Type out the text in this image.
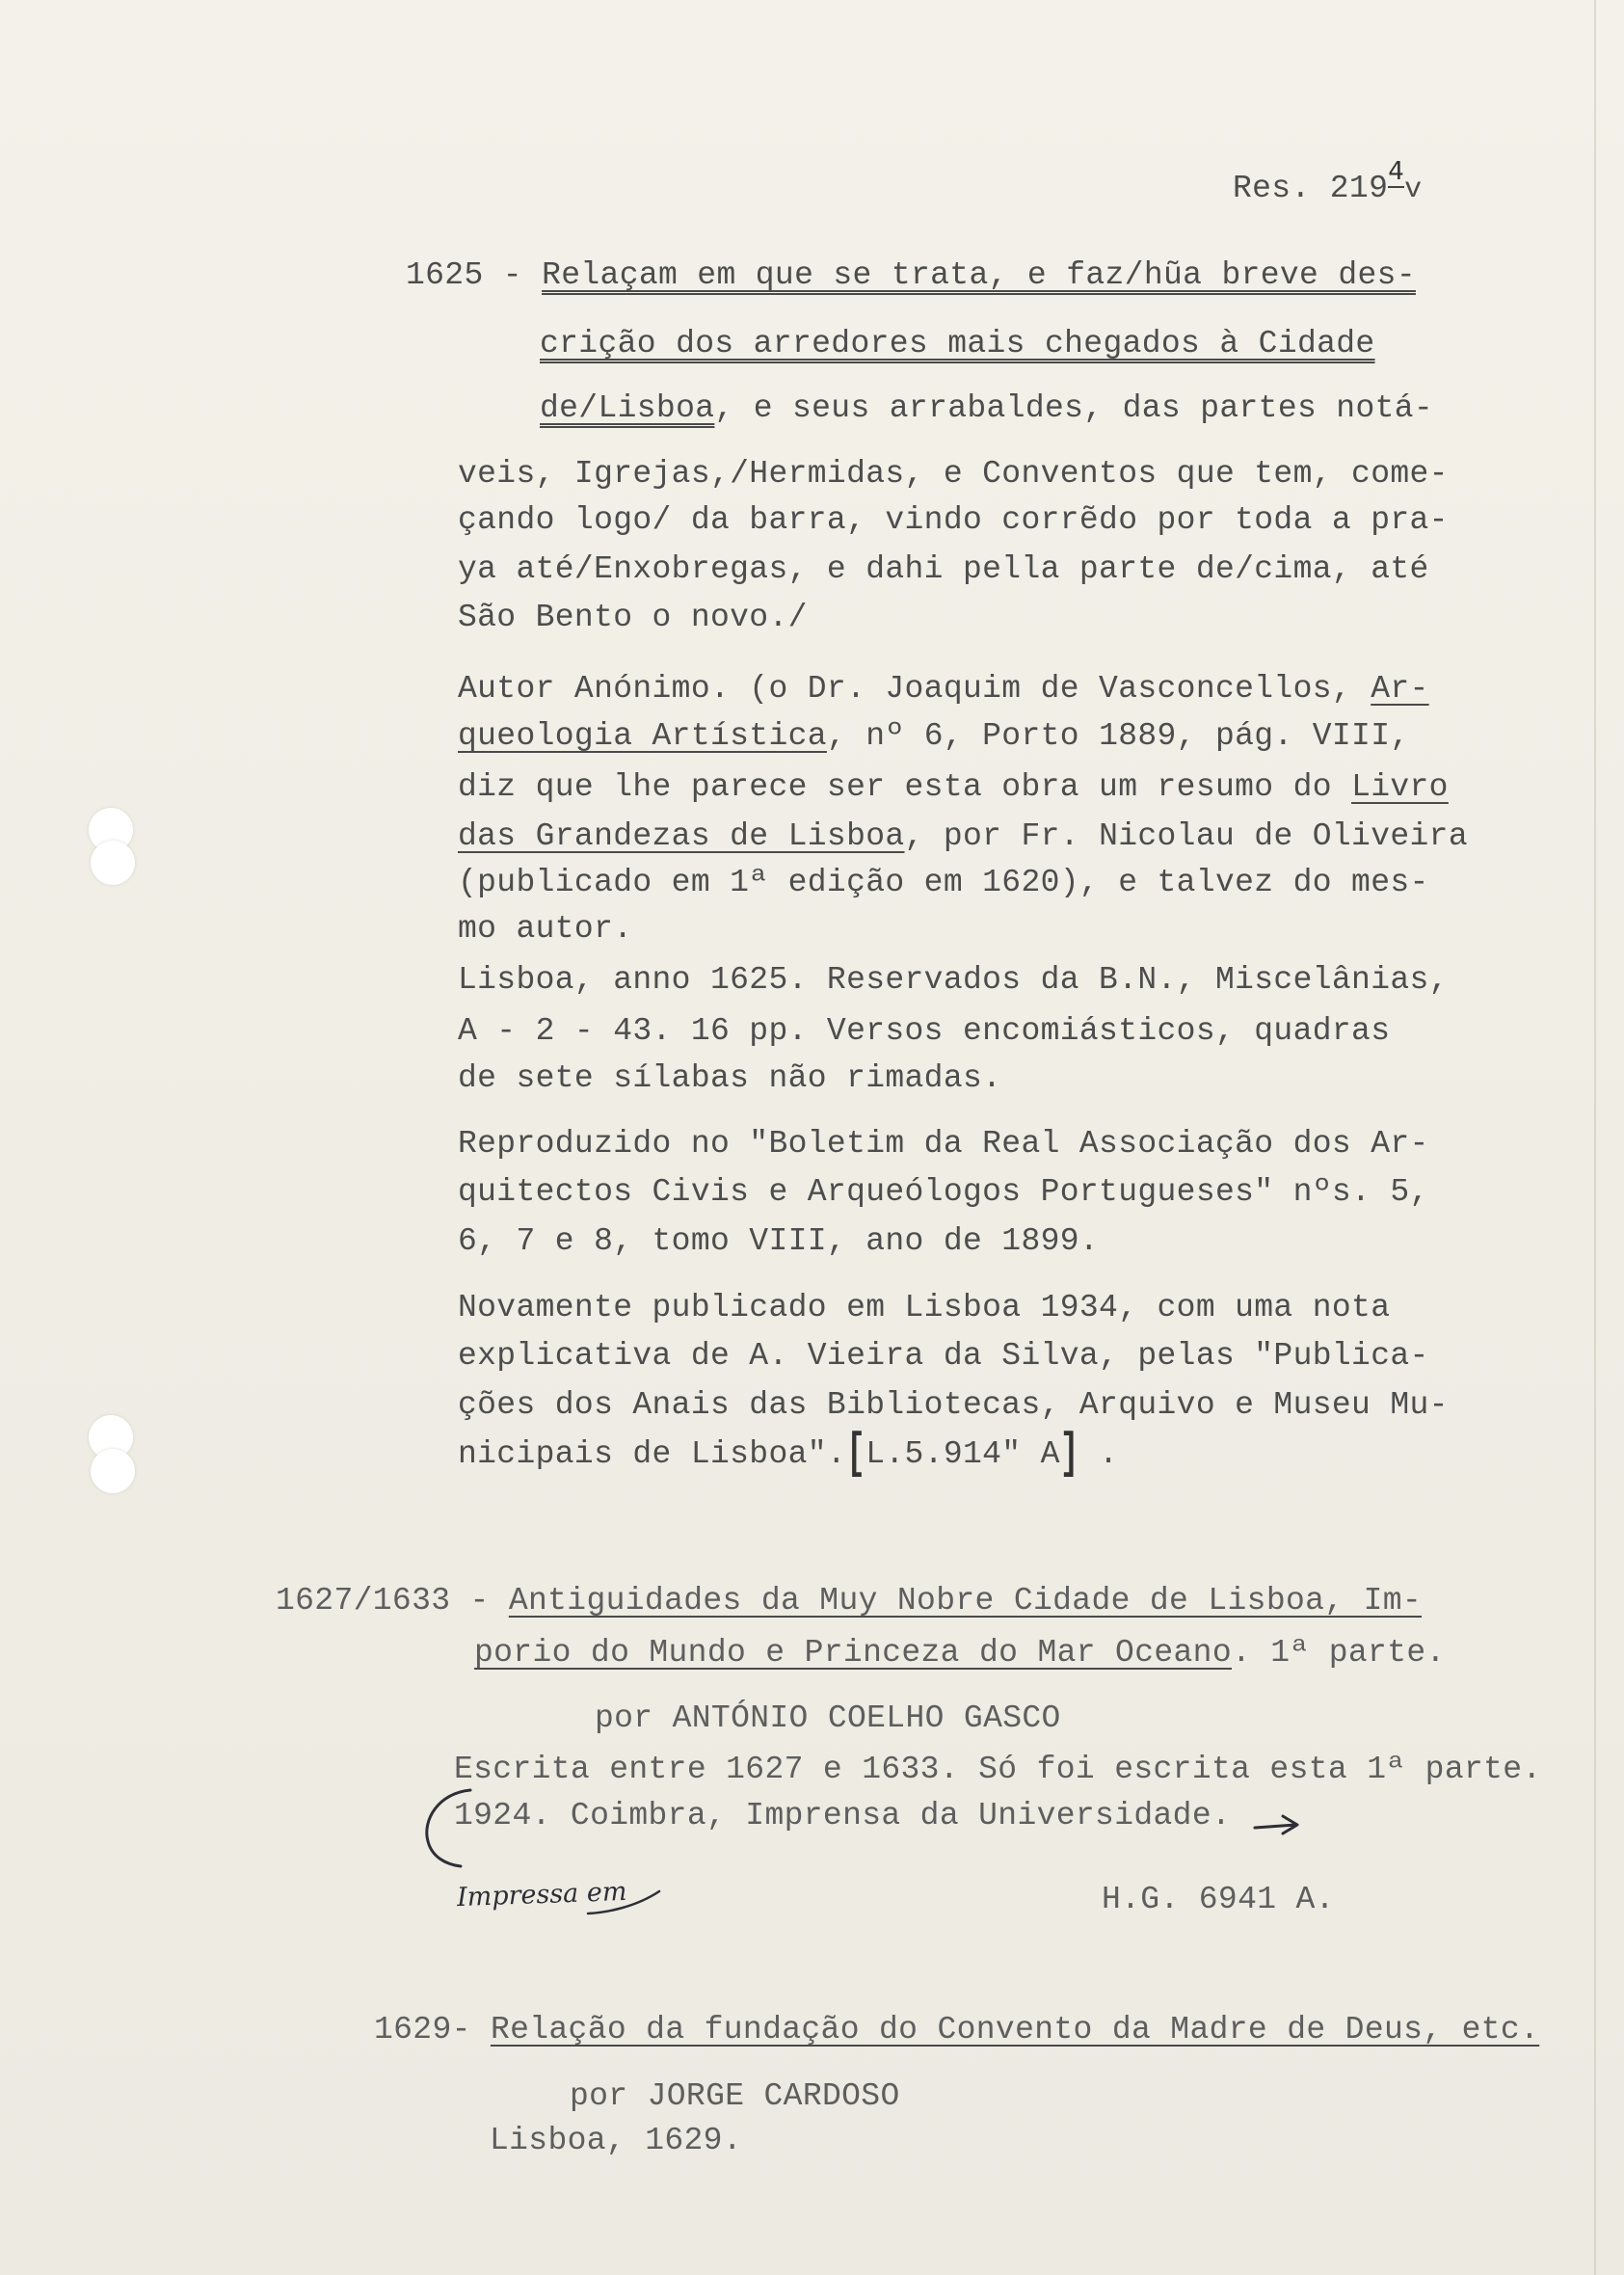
Res. $219^4v$
1625 - Relaçam em que se trata, e faz/hũa breve des-
crição dos arredores mais chegados à Cidade
de/Lisboa, e seus arrabaldes, das partes notá-
veis, Igrejas,/Hermidas, e Conventos que tem, come-
çando logo/ da barra, vindo corrẽdo por toda a pra-
ya até/Enxobregas, e dahi pella parte de/cima, até
São Bento o novo./
Autor Anónimo. (o Dr. Joaquim de Vasconcellos, Ar-
queologia Artística, nº 6, Porto 1889, pág. VIII,
diz que lhe parece ser esta obra um resumo do Livro
das Grandezas de Lisboa, por Fr. Nicolau de Oliveira
(publicado em 1ª edição em 1620), e talvez do mes-
mo autor.
Lisboa, anno 1625. Reservados da B.N., Miscelânias,
A - 2 - 43. 16 pp. Versos encomiásticos, quadras
de sete sílabas não rimadas.
Reproduzido no "Boletim da Real Associação dos Ar-
quitectos Civis e Arqueólogos Portugueses" nºs. 5,
6, 7 e 8, tomo VIII, ano de 1899.
Novamente publicado em Lisboa 1934, com uma nota
explicativa de A. Vieira da Silva, pelas "Publica-
ções dos Anais das Bibliotecas, Arquivo e Museu Mu-
nicipais de Lisboa".[L.5.914" A] .
1627/1633 - Antiguidades da Muy Nobre Cidade de Lisboa, Im-
porio do Mundo e Princeza do Mar Oceano. 1ª parte.
por ANTÓNIO COELHO GASCO
Escrita entre 1627 e 1633. Só foi escrita esta 1ª parte.
1924. Coimbra, Imprensa da Universidade.
Impressa em	H.G. 6941 A.
1629- Relação da fundação do Convento da Madre de Deus, etc.
por JORGE CARDOSO
Lisboa, 1629.
